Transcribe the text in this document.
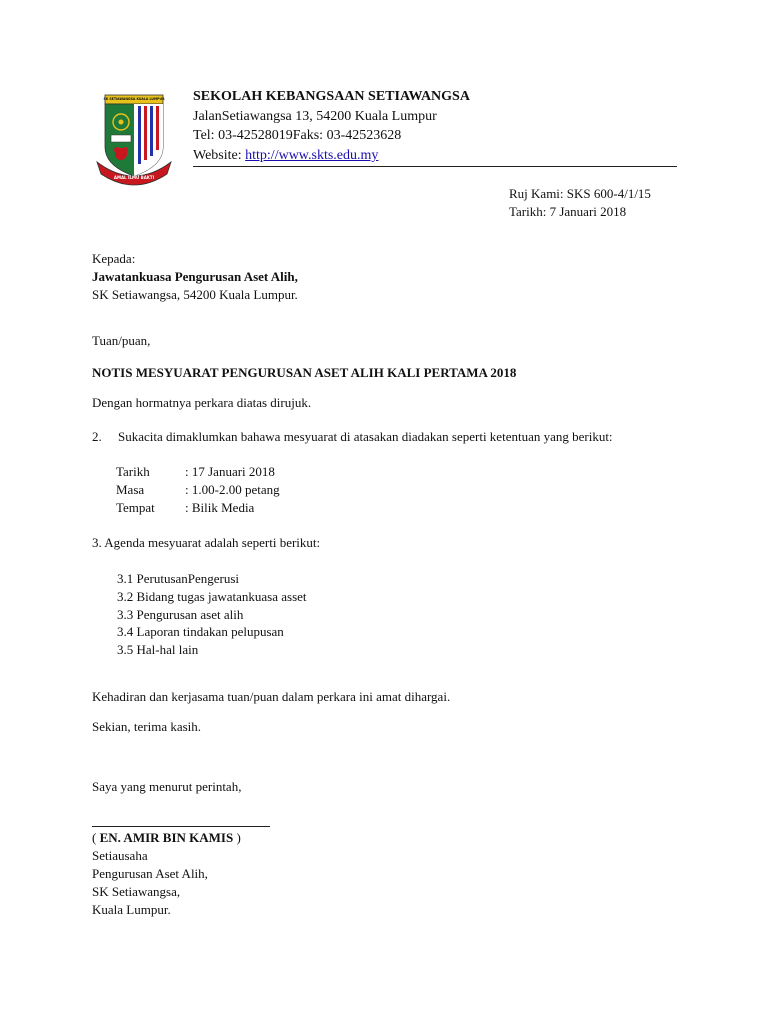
SK SETIAWANGSA KUALA LUMPUR
AMAL ILMU BAKTI
SEKOLAH KEBANGSAAN SETIAWANGSA
JalanSetiawangsa 13, 54200 Kuala Lumpur
Tel: 03-42528019Faks: 03-42523628
Website: http://www.skts.edu.my
Ruj Kami: SKS 600-4/1/15
Tarikh: 7 Januari 2018
Kepada:
Jawatankuasa Pengurusan Aset Alih,
SK Setiawangsa, 54200 Kuala Lumpur.
Tuan/puan,
NOTIS MESYUARAT PENGURUSAN ASET ALIH KALI PERTAMA 2018
Dengan hormatnya perkara diatas dirujuk.
2. Sukacita dimaklumkan bahawa mesyuarat di atasakan diadakan seperti ketentuan yang berikut:
Tarikh	: 17 Januari 2018
Masa	: 1.00-2.00 petang
Tempat : Bilik Media
3. Agenda mesyuarat adalah seperti berikut:
3.1 PerutusanPengerusi
3.2 Bidang tugas jawatankuasa asset
3.3 Pengurusan aset alih
3.4 Laporan tindakan pelupusan
3.5 Hal-hal lain
Kehadiran dan kerjasama tuan/puan dalam perkara ini amat dihargai.
Sekian, terima kasih.
Saya yang menurut perintah,
( EN. AMIR BIN KAMIS )
Setiausaha
Pengurusan Aset Alih,
SK Setiawangsa,
Kuala Lumpur.
